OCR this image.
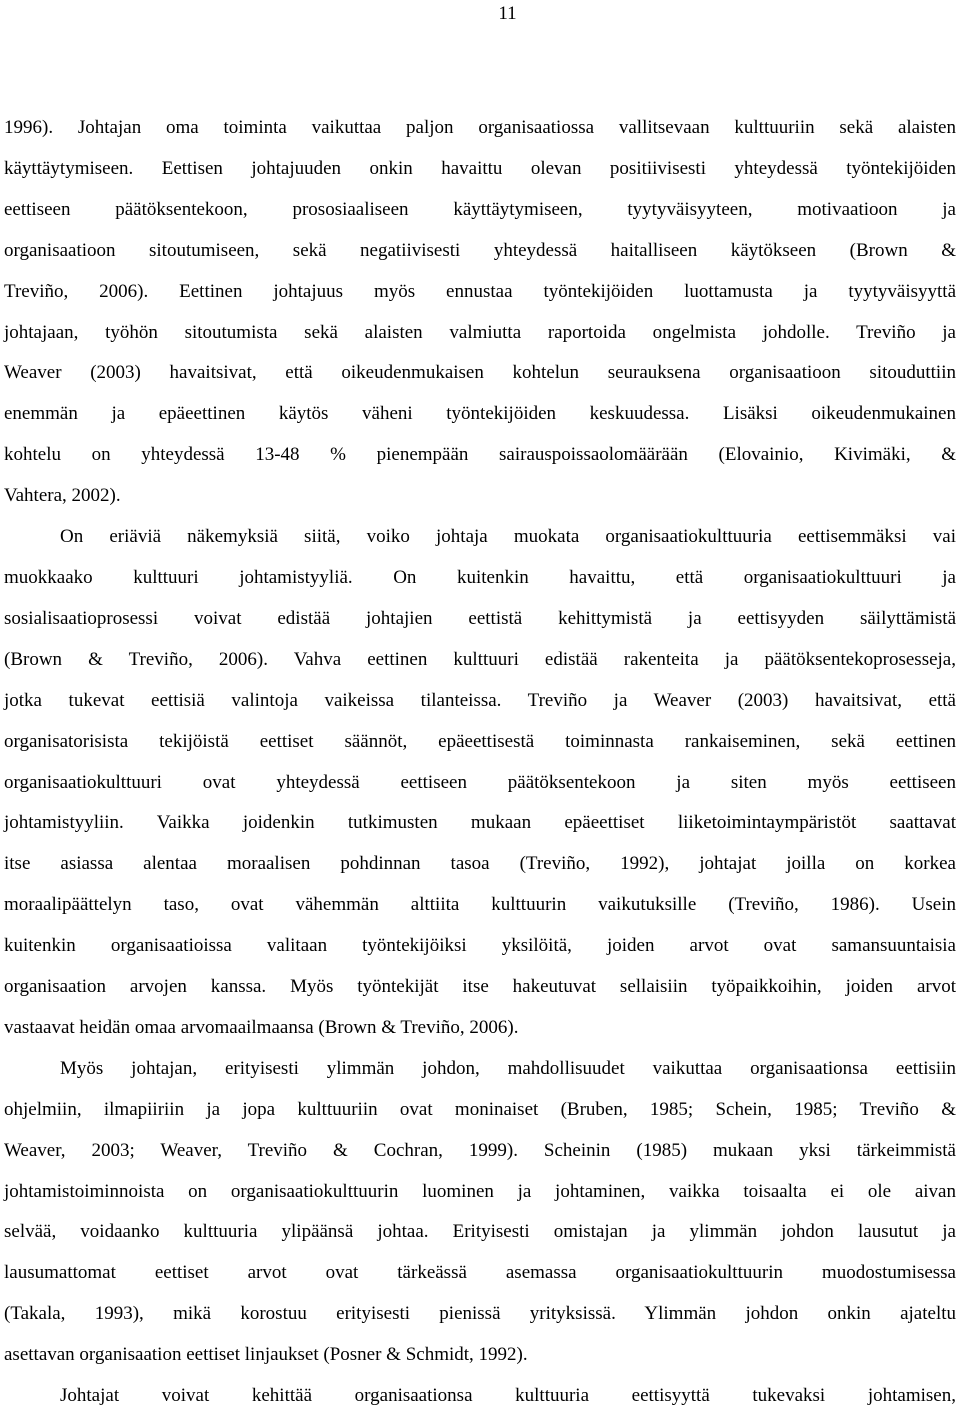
11
1996). Johtajan oma toiminta vaikuttaa paljon organisaatiossa vallitsevaan kulttuuriin sekä alaisten
käyttäytymiseen. Eettisen johtajuuden onkin havaittu olevan positiivisesti yhteydessä työntekijöiden
eettiseen päätöksentekoon, prososiaaliseen käyttäytymiseen, tyytyväisyyteen, motivaatioon ja
organisaatioon sitoutumiseen, sekä negatiivisesti yhteydessä haitalliseen käytökseen (Brown &
Treviño, 2006). Eettinen johtajuus myös ennustaa työntekijöiden luottamusta ja tyytyväisyyttä
johtajaan, työhön sitoutumista sekä alaisten valmiutta raportoida ongelmista johdolle. Treviño ja
Weaver (2003) havaitsivat, että oikeudenmukaisen kohtelun seurauksena organisaatioon sitouduttiin
enemmän ja epäeettinen käytös väheni työntekijöiden keskuudessa. Lisäksi oikeudenmukainen
kohtelu on yhteydessä 13-48 % pienempään sairauspoissaolomäärään (Elovainio, Kivimäki, &
Vahtera, 2002).
On eriäviä näkemyksiä siitä, voiko johtaja muokata organisaatiokulttuuria eettisemmäksi vai
muokkaako kulttuuri johtamistyyliä. On kuitenkin havaittu, että organisaatiokulttuuri ja
sosialisaatioprosessi voivat edistää johtajien eettistä kehittymistä ja eettisyyden säilyttämistä
(Brown & Treviño, 2006). Vahva eettinen kulttuuri edistää rakenteita ja päätöksentekoprosesseja,
jotka tukevat eettisiä valintoja vaikeissa tilanteissa. Treviño ja Weaver (2003) havaitsivat, että
organisatorisista tekijöistä eettiset säännöt, epäeettisestä toiminnasta rankaiseminen, sekä eettinen
organisaatiokulttuuri ovat yhteydessä eettiseen päätöksentekoon ja siten myös eettiseen
johtamistyyliin. Vaikka joidenkin tutkimusten mukaan epäeettiset liiketoimintaympäristöt saattavat
itse asiassa alentaa moraalisen pohdinnan tasoa (Treviño, 1992), johtajat joilla on korkea
moraalipäättelyn taso, ovat vähemmän alttiita kulttuurin vaikutuksille (Treviño, 1986). Usein
kuitenkin organisaatioissa valitaan työntekijöiksi yksilöitä, joiden arvot ovat samansuuntaisia
organisaation arvojen kanssa. Myös työntekijät itse hakeutuvat sellaisiin työpaikkoihin, joiden arvot
vastaavat heidän omaa arvomaailmaansa (Brown & Treviño, 2006).
Myös johtajan, erityisesti ylimmän johdon, mahdollisuudet vaikuttaa organisaationsa eettisiin
ohjelmiin, ilmapiiriin ja jopa kulttuuriin ovat moninaiset (Bruben, 1985; Schein, 1985; Treviño &
Weaver, 2003; Weaver, Treviño & Cochran, 1999). Scheinin (1985) mukaan yksi tärkeimmistä
johtamistoiminnoista on organisaatiokulttuurin luominen ja johtaminen, vaikka toisaalta ei ole aivan
selvää, voidaanko kulttuuria ylipäänsä johtaa. Erityisesti omistajan ja ylimmän johdon lausutut ja
lausumattomat eettiset arvot ovat tärkeässä asemassa organisaatiokulttuurin muodostumisessa
(Takala, 1993), mikä korostuu erityisesti pienissä yrityksissä. Ylimmän johdon onkin ajateltu
asettavan organisaation eettiset linjaukset (Posner & Schmidt, 1992).
Johtajat voivat kehittää organisaationsa kulttuuria eettisyyttä tukevaksi johtamisen,
